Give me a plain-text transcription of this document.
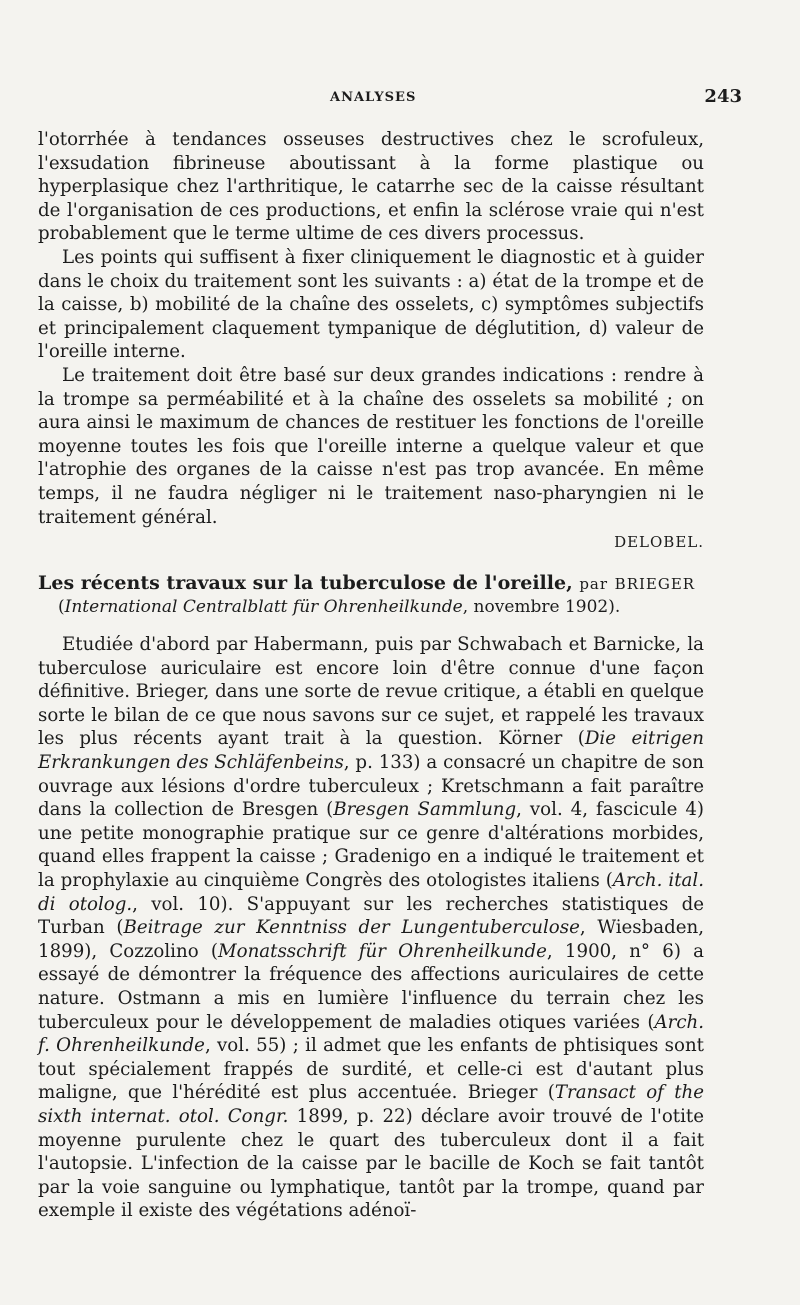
ANALYSES	243

l'otorrhée à tendances osseuses destructives chez le scrofuleux, l'exsudation fibrineuse aboutissant à la forme plastique ou hyperplasique chez l'arthritique, le catarrhe sec de la caisse résultant de l'organisation de ces productions, et enfin la sclérose vraie qui n'est probablement que le terme ultime de ces divers processus.

Les points qui suffisent à fixer cliniquement le diagnostic et à guider dans le choix du traitement sont les suivants : a) état de la trompe et de la caisse, b) mobilité de la chaîne des osselets, c) symptômes subjectifs et principalement claquement tympanique de déglutition, d) valeur de l'oreille interne.

Le traitement doit être basé sur deux grandes indications : rendre à la trompe sa perméabilité et à la chaîne des osselets sa mobilité ; on aura ainsi le maximum de chances de restituer les fonctions de l'oreille moyenne toutes les fois que l'oreille interne a quelque valeur et que l'atrophie des organes de la caisse n'est pas trop avancée. En même temps, il ne faudra négliger ni le traitement naso-pharyngien ni le traitement général.

DELOBEL.
Les récents travaux sur la tuberculose de l'oreille, par BRIEGER

(International Centralblatt für Ohrenheilkunde, novembre 1902).

Etudiée d'abord par Habermann, puis par Schwabach et Barnicke, la tuberculose auriculaire est encore loin d'être connue d'une façon définitive. Brieger, dans une sorte de revue critique, a établi en quelque sorte le bilan de ce que nous savons sur ce sujet, et rappelé les travaux les plus récents ayant trait à la question. Körner (Die eitrigen Erkrankungen des Schläfenbeins, p. 133) a consacré un chapitre de son ouvrage aux lésions d'ordre tuberculeux ; Kretschmann a fait paraître dans la collection de Bresgen (Bresgen Sammlung, vol. 4, fascicule 4) une petite monographie pratique sur ce genre d'altérations morbides, quand elles frappent la caisse ; Gradenigo en a indiqué le traitement et la prophylaxie au cinquième Congrès des otologistes italiens (Arch. ital. di otolog., vol. 10). S'appuyant sur les recherches statistiques de Turban (Beitrage zur Kenntniss der Lungentuberculose, Wiesbaden, 1899), Cozzolino (Monatsschrift für Ohrenheilkunde, 1900, n° 6) a essayé de démontrer la fréquence des affections auriculaires de cette nature. Ostmann a mis en lumière l'influence du terrain chez les tuberculeux pour le développement de maladies otiques variées (Arch. f. Ohrenheilkunde, vol. 55) ; il admet que les enfants de phtisiques sont tout spécialement frappés de surdité, et celle-ci est d'autant plus maligne, que l'hérédité est plus accentuée. Brieger (Transact of the sixth internat. otol. Congr. 1899, p. 22) déclare avoir trouvé de l'otite moyenne purulente chez le quart des tuberculeux dont il a fait l'autopsie. L'infection de la caisse par le bacille de Koch se fait tantôt par la voie sanguine ou lymphatique, tantôt par la trompe, quand par exemple il existe des végétations adénoï-
